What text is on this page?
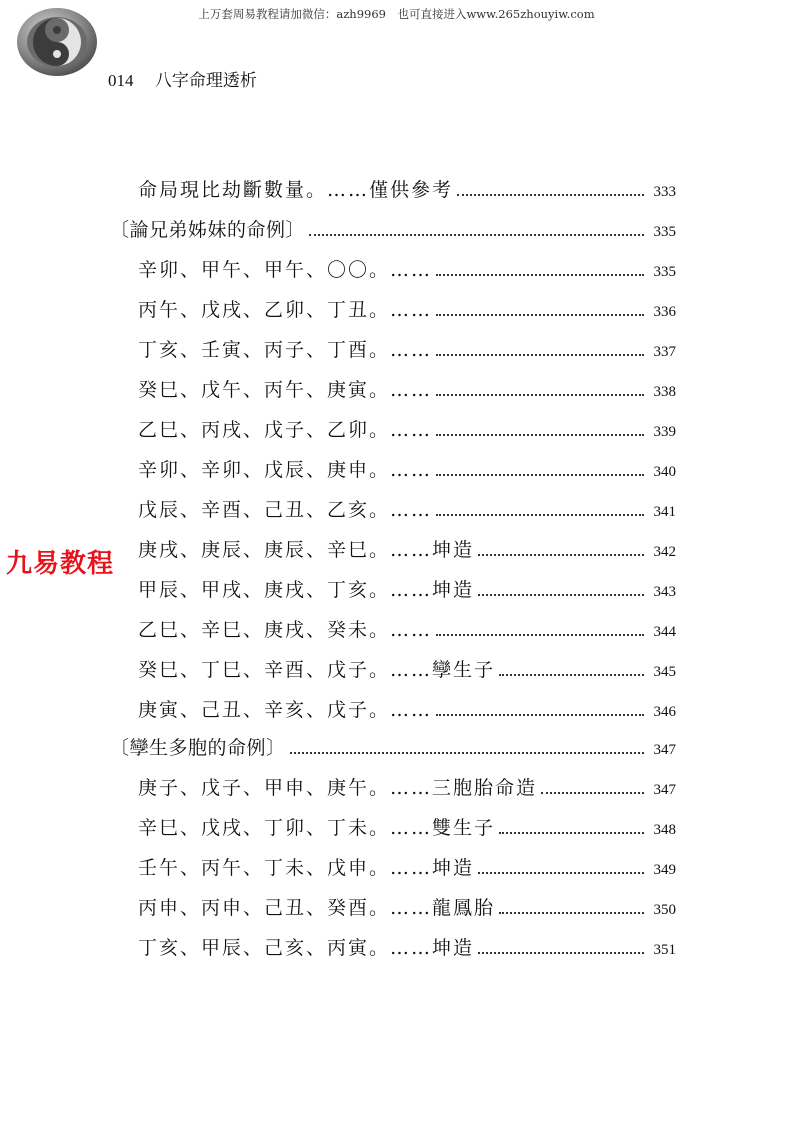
上万套周易教程请加微信：azh9969　也可直接进入www.265zhouyiw.com
014 八字命理透析
九易教程
命局現比劫斷數量。……僅供參考	333
〔論兄弟姊妹的命例〕	335
辛卯、甲午、甲午、〇〇。……	335
丙午、戊戌、乙卯、丁丑。……	336
丁亥、壬寅、丙子、丁酉。……	337
癸巳、戊午、丙午、庚寅。……	338
乙巳、丙戌、戊子、乙卯。……	339
辛卯、辛卯、戊辰、庚申。……	340
戊辰、辛酉、己丑、乙亥。……	341
庚戌、庚辰、庚辰、辛巳。……坤造	342
甲辰、甲戌、庚戌、丁亥。……坤造	343
乙巳、辛巳、庚戌、癸未。……	344
癸巳、丁巳、辛酉、戊子。……孿生子	345
庚寅、己丑、辛亥、戊子。……	346
〔孿生多胞的命例〕	347
庚子、戊子、甲申、庚午。……三胞胎命造	347
辛巳、戊戌、丁卯、丁未。……雙生子	348
壬午、丙午、丁未、戊申。……坤造	349
丙申、丙申、己丑、癸酉。……龍鳳胎	350
丁亥、甲辰、己亥、丙寅。……坤造	351
